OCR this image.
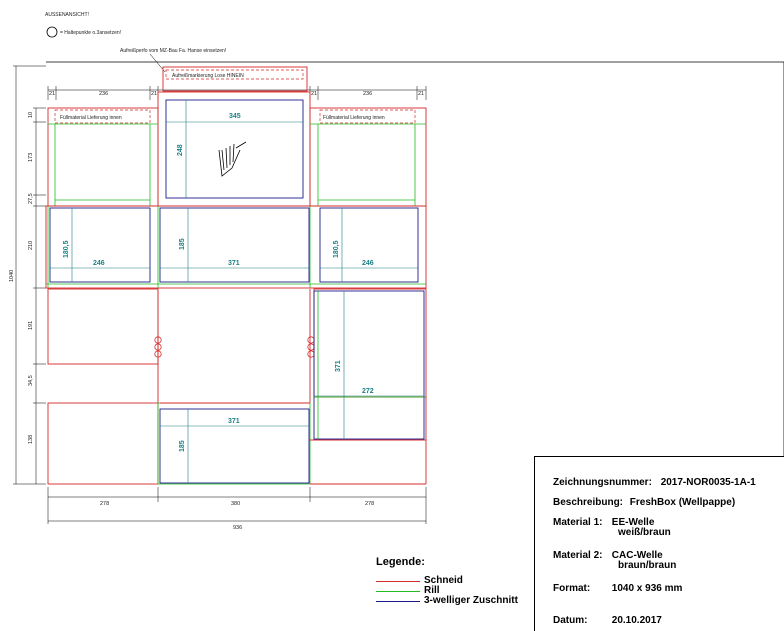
AUSSENANSICHT!
= Haltepunkte o.3ansetzen!
Aufreißperfo vom MZ-Bau Fa. Hanse einsetzen!
21	236	21	21	236	21
10
173
27,5
210
191
34,5
138
1040
Aufreißmarkierung Lose HINEIN
345
248
Füllmaterial Lieferung innen	Füllmaterial Lieferung innen
246
180,5
371
185
246
180,5
371
272
371
185
278	380	278
936
Legende:
Schneid
Rill
3-welliger Zuschnitt
Zeichnungsnummer: 2017-NOR0035-1A-1
Beschreibung: FreshBox (Wellpappe)
Material 1: EE-Welle
weiß/braun
Material 2: CAC-Welle
braun/braun
Format: 1040 x 936 mm
Datum: 20.10.2017
